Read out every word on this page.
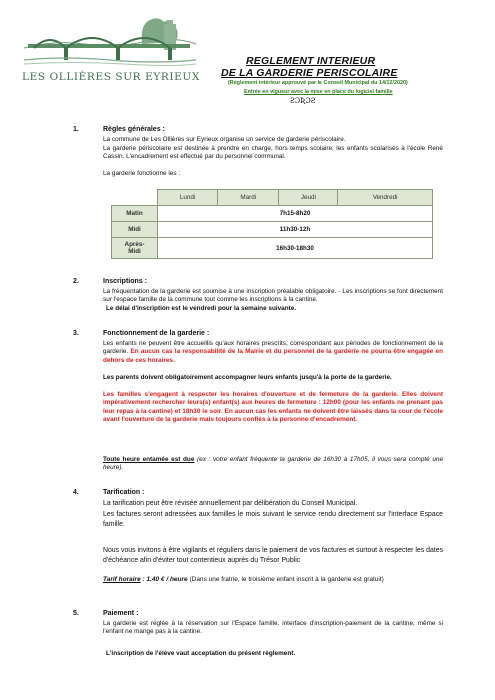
LES OLLIÈRES SUR EYRIEUX
REGLEMENT INTERIEUR
DE LA GARDERIE PERISCOLAIRE
(Règlement intérieur approuvé par le Conseil Municipal du 14/12/2020)
Entrée en vigueur avec la mise en place du logiciel famille
ƧƆƦƆƧ
1.	Règles générales :
La commune de Les Ollières sur Eyrieux organise un service de garderie périscolaire.
La garderie périscolaire est destinée à prendre en charge, hors temps scolaire, les enfants scolarisés à l'école René Cassin. L'encadrement est effectué par du personnel communal.
La garderie fonctionne les :
	Lundi	Mardi	Jeudi	Vendredi
Matin	7h15-8h20			
Midi	11h30-12h			
Après-
Midi	16h30-18h30			
2.	Inscriptions :
La fréquentation de la garderie est soumise à une inscription préalable obligatoire. - Les inscriptions se font directement sur l'espace famille de la commune tout comme les inscriptions à la cantine.
Le délai d'inscription est le vendredi pour la semaine suivante.
3.	Fonctionnement de la garderie :
Les enfants ne peuvent être accueillis qu'aux horaires prescrits, correspondant aux périodes de fonctionnement de la garderie. En aucun cas la responsabilité de la Mairie et du personnel de la garderie ne pourra être engagée en dehors de ces horaires.
Les parents doivent obligatoirement accompagner leurs enfants jusqu'à la porte de la garderie.
Les familles s'engagent à respecter les horaires d'ouverture et de fermeture de la garderie. Elles doivent impérativement rechercher leurs(s) enfant(s) aux heures de fermeture : 12h00 (pour les enfants ne prenant pas leur repas à la cantine) et 18h30 le soir. En aucun cas les enfants ne doivent être laissés dans la cour de l'école avant l'ouverture de la garderie mais toujours confiés à la personne d'encadrement.
Toute heure entamée est due (ex : votre enfant fréquente la garderie de 16h30 à 17h05, il vous sera compté une heure).
4.	Tarification :
La tarification peut être révisée annuellement par délibération du Conseil Municipal.
Les factures seront adressées aux familles le mois suivant le service rendu directement sur l'interface Espace famille.
Nous vous invitons à être vigilants et réguliers dans le paiement de vos factures et surtout à respecter les dates d'échéance afin d'éviter tout contentieux auprès du Trésor Public
Tarif horaire : 1.40 € / heure (Dans une fratrie, le troisième enfant inscrit à la garderie est gratuit)
5.	Paiement :
La garderie est réglée à la réservation sur l'Espace famille, interface d'inscription-paiement de la cantine, même si l'enfant ne mange pas à la cantine.
L'inscription de l'élève vaut acceptation du présent règlement.
